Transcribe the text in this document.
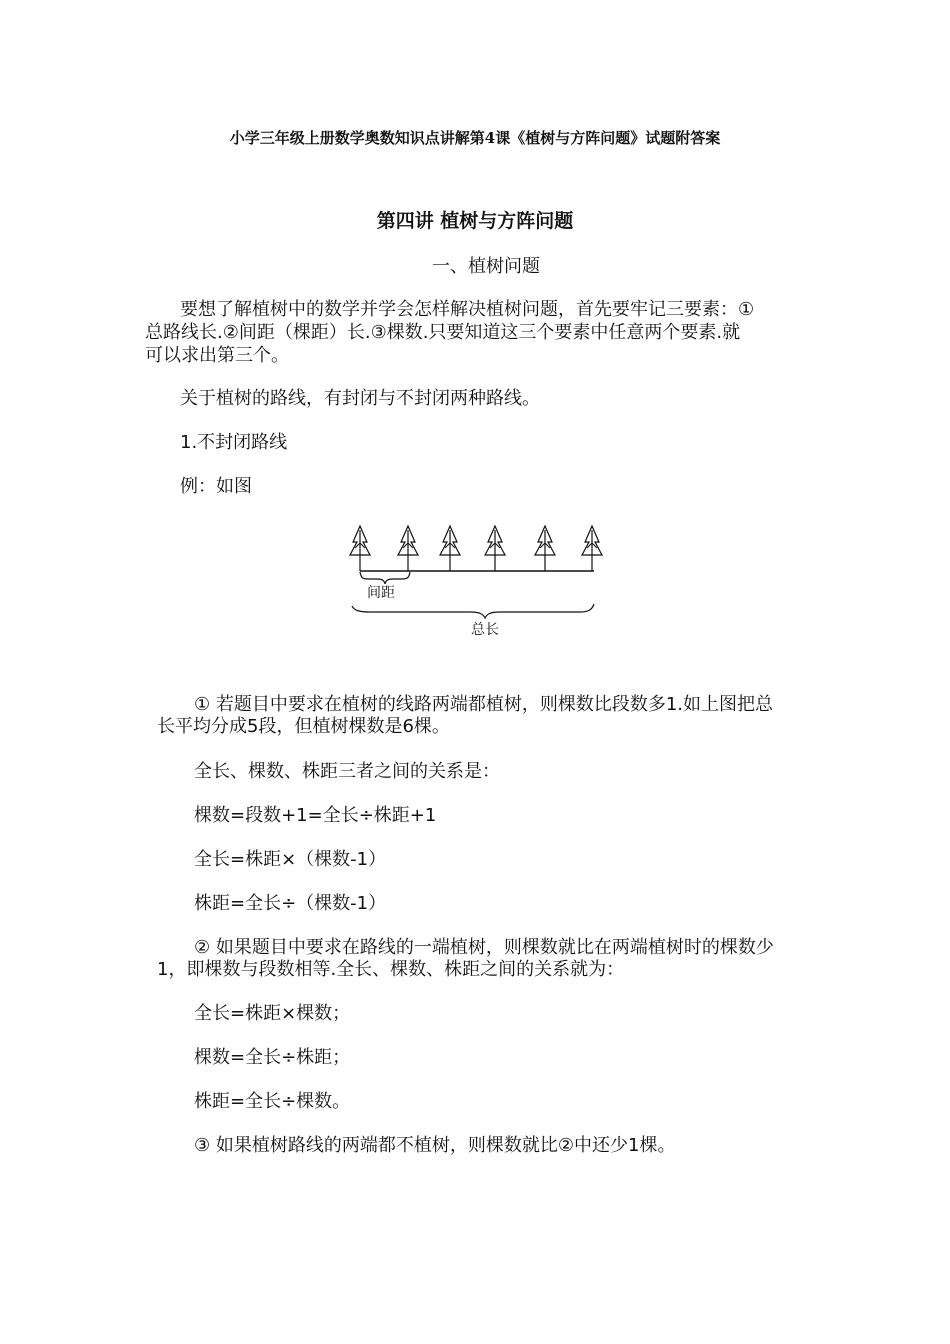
小学三年级上册数学奥数知识点讲解第4课《植树与方阵问题》试题附答案
第四讲 植树与方阵问题
一、植树问题
要想了解植树中的数学并学会怎样解决植树问题，首先要牢记三要素：①
总路线长.②间距（棵距）长.③棵数.只要知道这三个要素中任意两个要素.就
可以求出第三个。
关于植树的路线，有封闭与不封闭两种路线。
1.不封闭路线
例：如图
间距
总长
① 若题目中要求在植树的线路两端都植树，则棵数比段数多1.如上图把总
长平均分成5段，但植树棵数是6棵。
全长、棵数、株距三者之间的关系是：
棵数=段数+1=全长÷株距+1
全长=株距×（棵数-1）
株距=全长÷（棵数-1）
② 如果题目中要求在路线的一端植树，则棵数就比在两端植树时的棵数少
1，即棵数与段数相等.全长、棵数、株距之间的关系就为：
全长=株距×棵数；
棵数=全长÷株距；
株距=全长÷棵数。
③ 如果植树路线的两端都不植树，则棵数就比②中还少1棵。
